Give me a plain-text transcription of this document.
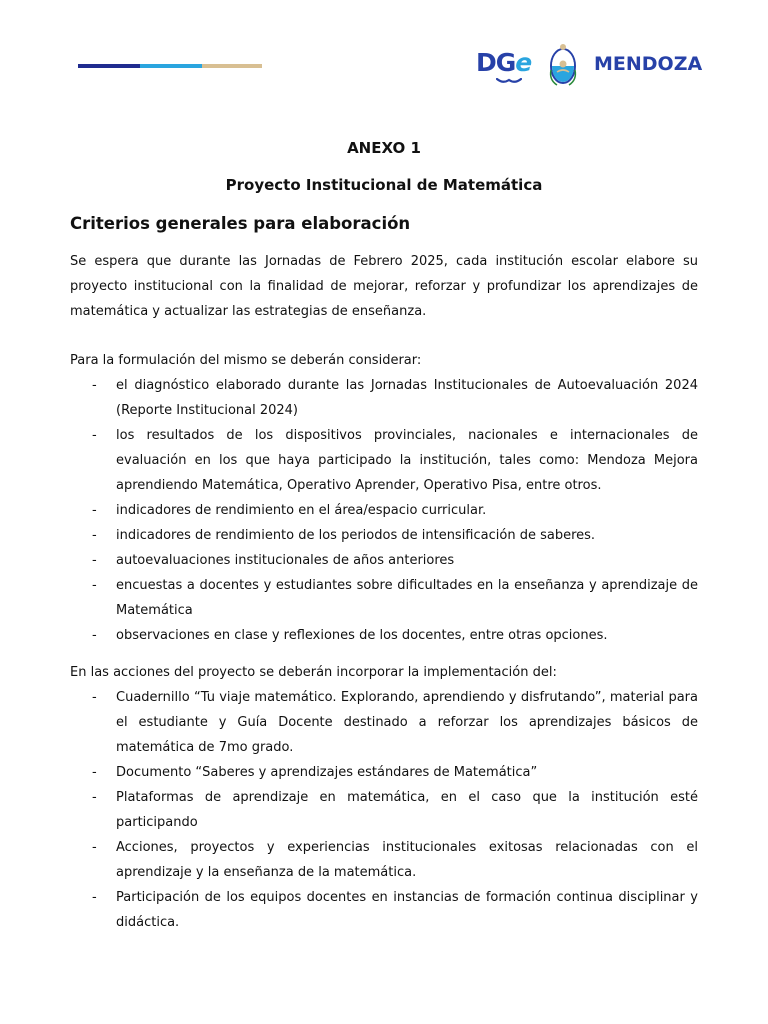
DGe	MENDOZA
ANEXO 1
Proyecto Institucional de Matemática
Criterios generales para elaboración

Se espera que durante las Jornadas de Febrero 2025, cada institución escolar elabore su proyecto institucional con la finalidad de mejorar, reforzar y profundizar los aprendizajes de matemática y actualizar las estrategias de enseñanza.

Para la formulación del mismo se deberán considerar:

- el diagnóstico elaborado durante las Jornadas Institucionales de Autoevaluación 2024 (Reporte Institucional 2024)
- los resultados de los dispositivos provinciales, nacionales e internacionales de evaluación en los que haya participado la institución, tales como: Mendoza Mejora aprendiendo Matemática, Operativo Aprender, Operativo Pisa, entre otros.
- indicadores de rendimiento en el área/espacio curricular.
- indicadores de rendimiento de los periodos de intensificación de saberes.
- autoevaluaciones institucionales de años anteriores
- encuestas a docentes y estudiantes sobre dificultades en la enseñanza y aprendizaje de Matemática
- observaciones en clase y reflexiones de los docentes, entre otras opciones.

En las acciones del proyecto se deberán incorporar la implementación del:

- Cuadernillo “Tu viaje matemático. Explorando, aprendiendo y disfrutando”, material para el estudiante y Guía Docente destinado a reforzar los aprendizajes básicos de matemática de 7mo grado.
- Documento “Saberes y aprendizajes estándares de Matemática”
- Plataformas de aprendizaje en matemática, en el caso que la institución esté participando
- Acciones, proyectos y experiencias institucionales exitosas relacionadas con el aprendizaje y la enseñanza de la matemática.
- Participación de los equipos docentes en instancias de formación continua disciplinar y didáctica.
